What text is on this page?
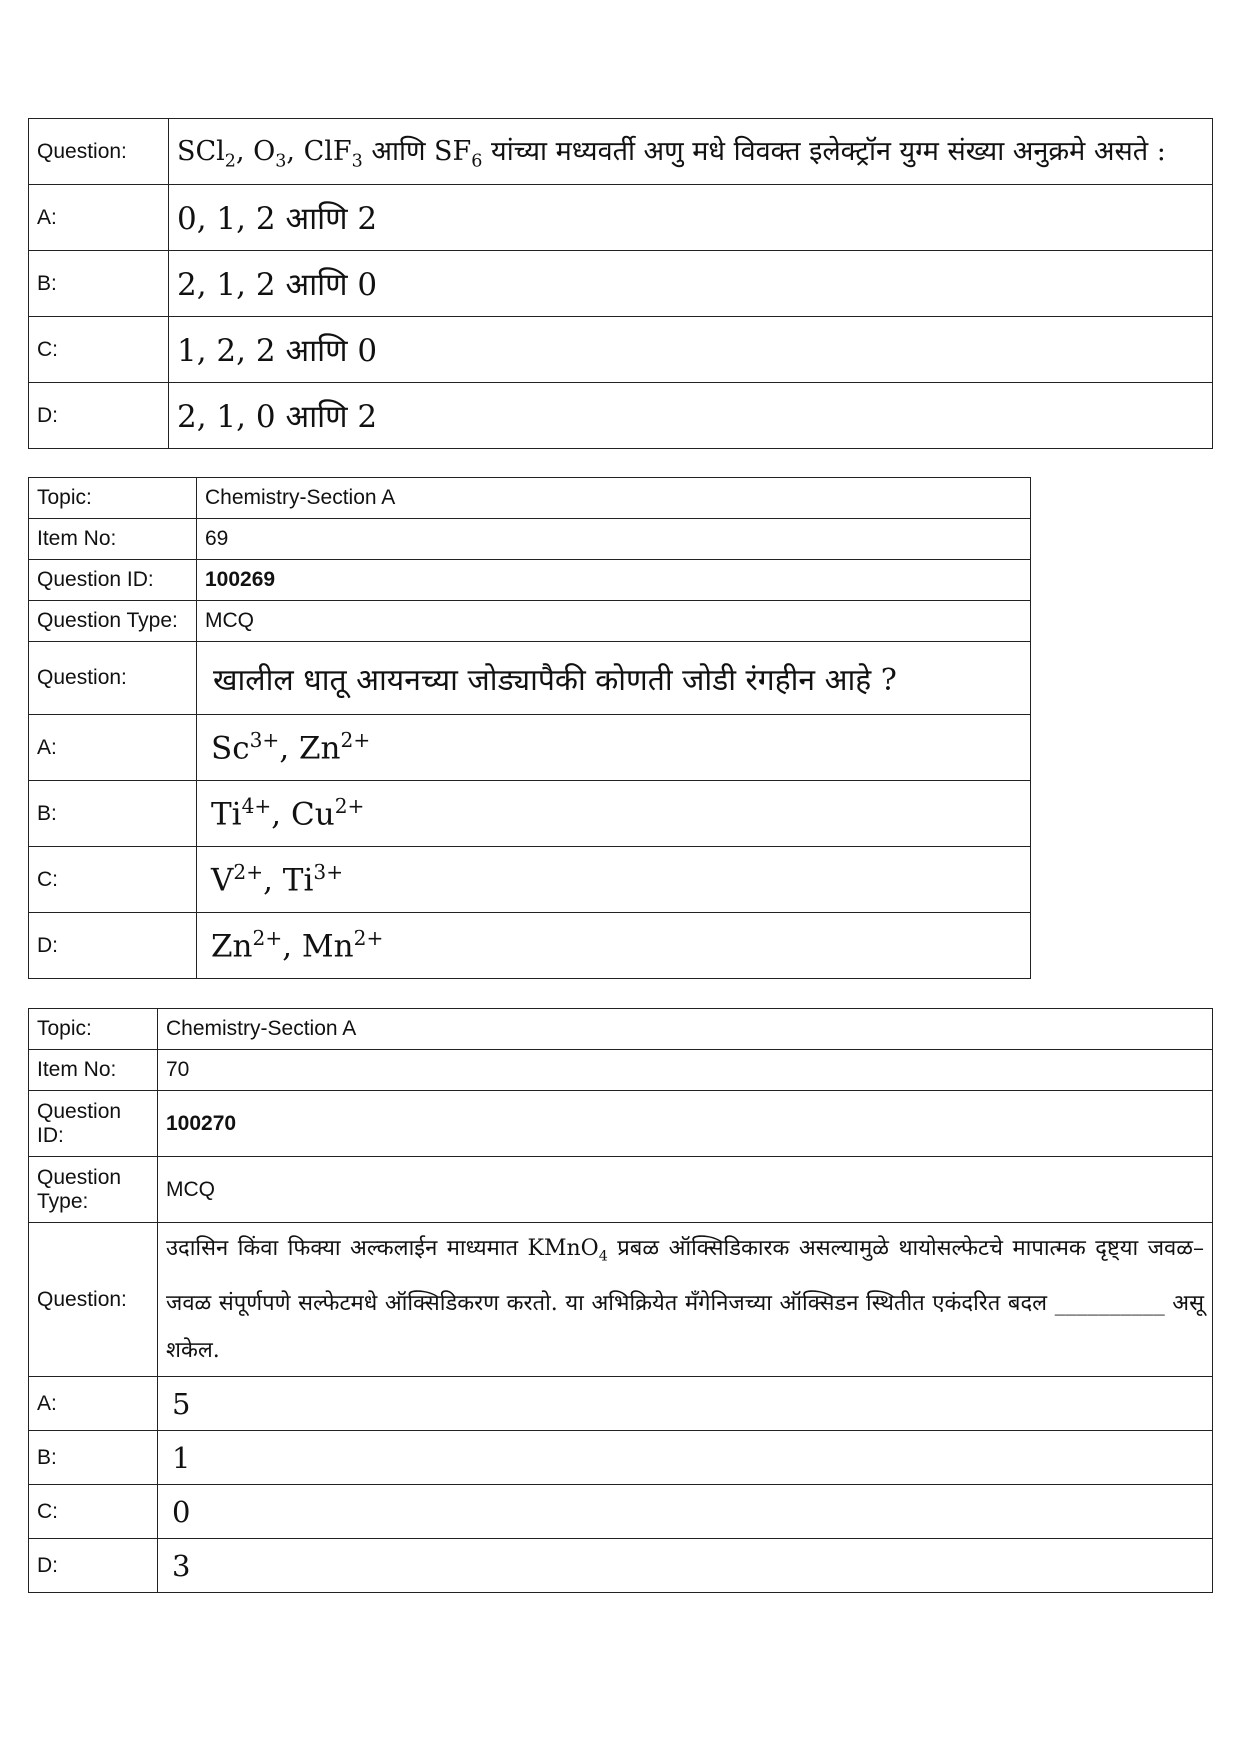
Question:	SCl$_2$, $O_3$, ClF$_3$ आणि $SF_6$ यांच्या मध्यवर्ती अणु मधे विवक्त इलेक्ट्रॉन युग्म संख्या अनुक्रमे असते :
A:	0, 1, 2 आणि 2
B:	2, 1, 2 आणि 0
C:	1, 2, 2 आणि 0
D:	2, 1, 0 आणि 2
Topic:	Chemistry-Section A
Item No:	69
Question ID:	100269
Question Type:	MCQ
Question:	खालील धातू आयनच्या जोड्यापैकी कोणती जोडी रंगहीन आहे ?
A:	$Sc^{3+}$, $Zn^{2+}$
B:	$Ti^{4+}$, $Cu^{2+}$
C:	$V^{2+}$, $Ti^{3+}$
D:	$Zn^{2+}$, $Mn^{2+}$
Topic:	Chemistry-Section A
Item No:	70
Question ID:	100270
Question Type:	MCQ
Question:	उदासिन किंवा फिक्या अल्कलाईन माध्यमात KMnO$_4$ प्रबळ ऑक्सिडिकारक असल्यामुळे थायोसल्फेटचे मापात्मक दृष्ट्या जवळ–जवळ संपूर्णपणे सल्फेटमधे ऑक्सिडिकरण करतो. या अभिक्रियेत मॅंगेनिजच्या ऑक्सिडन स्थितीत एकंदरित बदल __________ असू शकेल.
A:	5
B:	1
C:	0
D:	3
